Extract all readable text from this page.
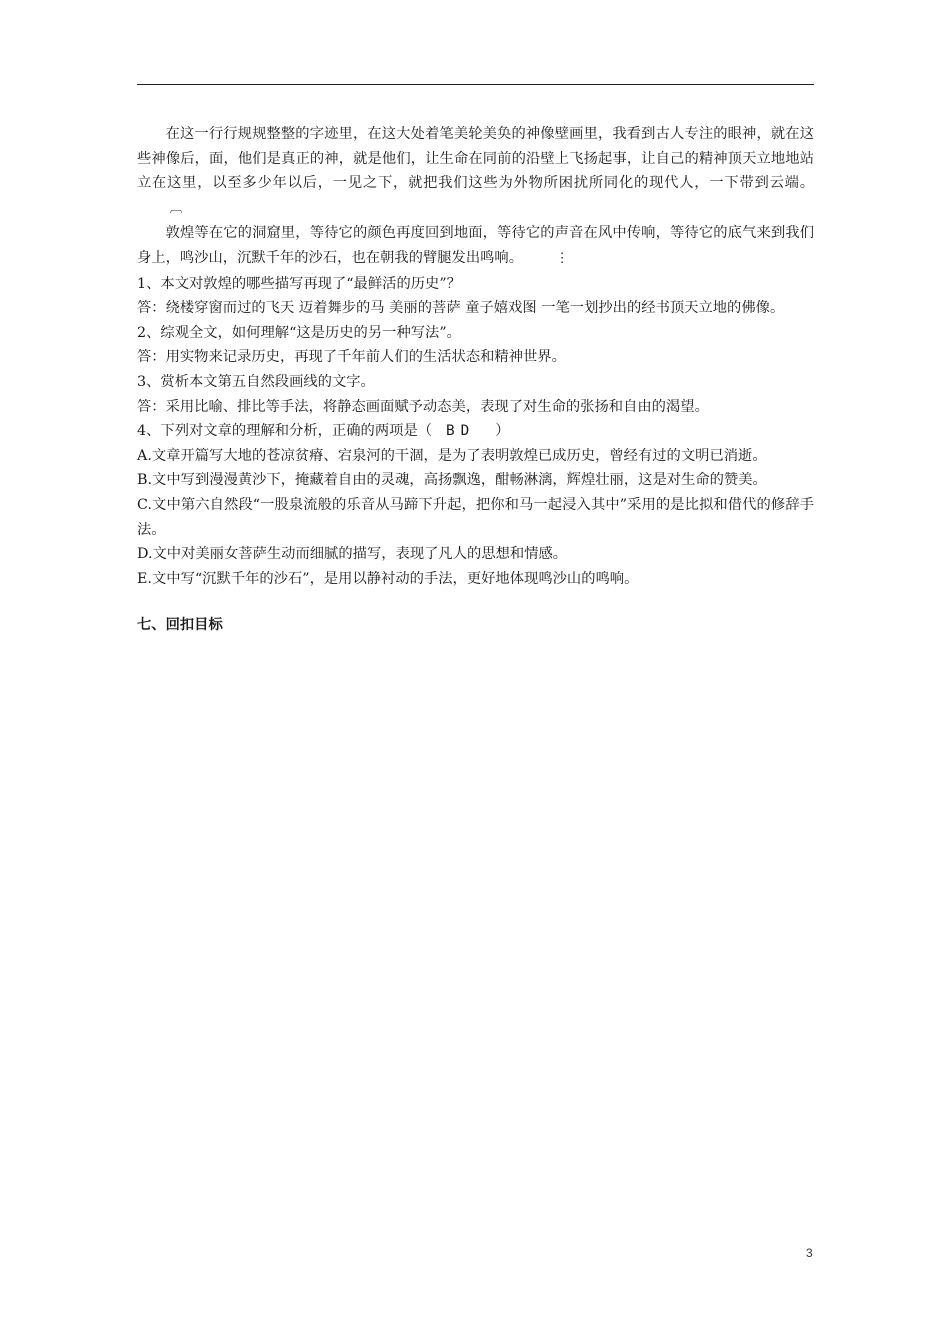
在这一行行规规整整的字迹里，在这大处着笔美轮美奂的神像壁画里，我看到古人专注的眼神，就在这些神像后，面，他们是真正的神，就是他们，让生命在同前的沿壁上飞扬起事，让自己的精神顶天立地地站立在这里，以至多少年以后，一见之下，就把我们这些为外物所困扰所同化的现代人，一下带到云端。︹

敦煌等在它的洞窟里，等待它的颜色再度回到地面，等待它的声音在风中传响，等待它的底气来到我们身上，鸣沙山，沉默千年的沙石，也在朝我的臂腿发出鸣响。	⋮

1、本文对敦煌的哪些描写再现了“最鲜活的历史”？

答：绕楼穿窗而过的飞天 迈着舞步的马 美丽的菩萨 童子嬉戏图 一笔一划抄出的经书顶天立地的佛像。

2、综观全文，如何理解“这是历史的另一种写法”。

答：用实物来记录历史，再现了千年前人们的生活状态和精神世界。

3、赏析本文第五自然段画线的文字。

答：采用比喻、排比等手法，将静态画面赋予动态美，表现了对生命的张扬和自由的渴望。

4、下列对文章的理解和分析，正确的两项是（ BD ）

A.文章开篇写大地的苍凉贫瘠、宕泉河的干涸，是为了表明敦煌已成历史，曾经有过的文明已消逝。

B.文中写到漫漫黄沙下，掩藏着自由的灵魂，高扬飘逸，酣畅淋漓，辉煌壮丽，这是对生命的赞美。

C.文中第六自然段“一股泉流般的乐音从马蹄下升起，把你和马一起浸入其中”采用的是比拟和借代的修辞手法。

D.文中对美丽女菩萨生动而细腻的描写，表现了凡人的思想和情感。

E.文中写“沉默千年的沙石”，是用以静衬动的手法，更好地体现鸣沙山的鸣响。

七、回扣目标

3
